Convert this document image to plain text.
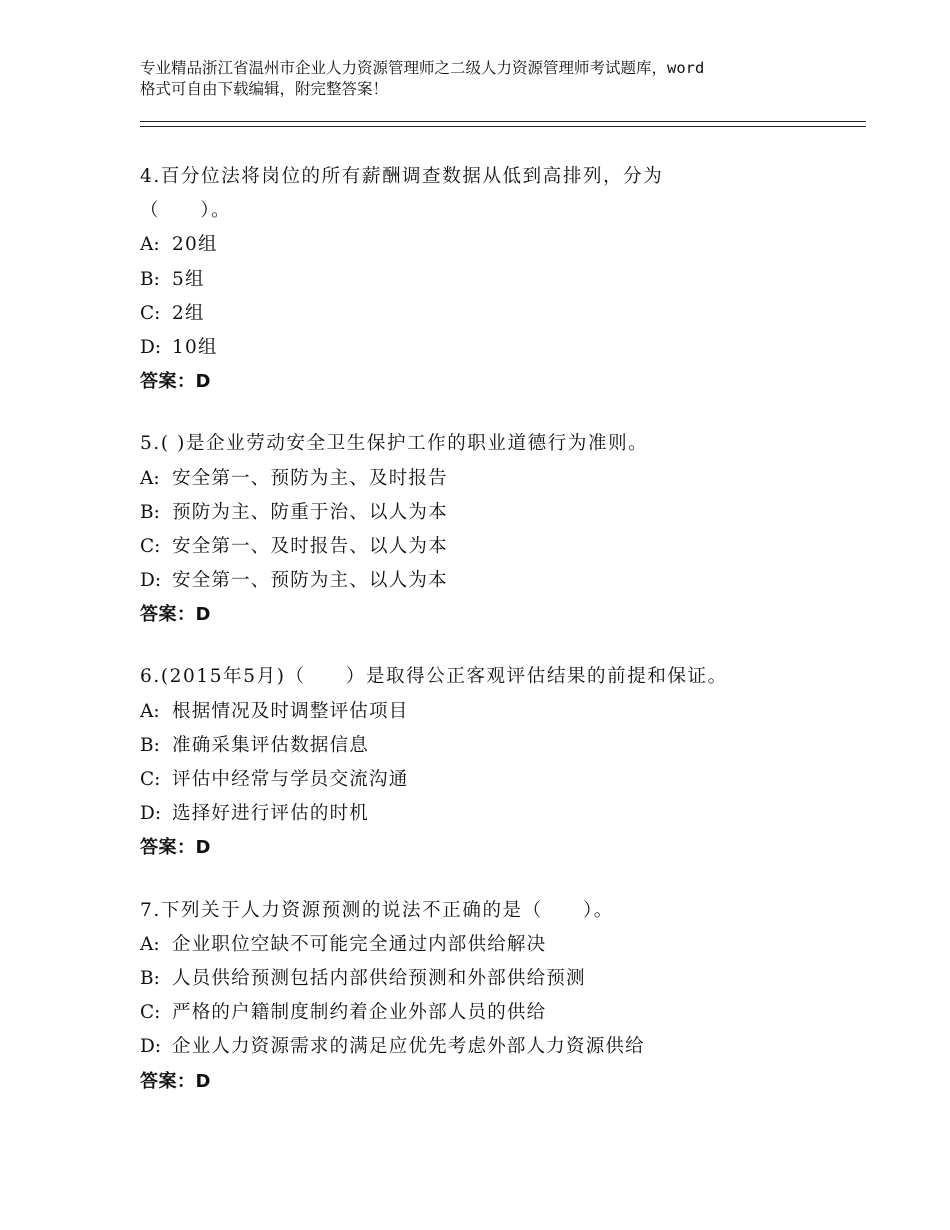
专业精品浙江省温州市企业人力资源管理师之二级人力资源管理师考试题库，word
格式可自由下载编辑，附完整答案！
4.百分位法将岗位的所有薪酬调查数据从低到高排列，分为
（　　）。
A: 20组
B: 5组
C: 2组
D: 10组
答案：D
5.( )是企业劳动安全卫生保护工作的职业道德行为准则。
A: 安全第一、预防为主、及时报告
B: 预防为主、防重于治、以人为本
C: 安全第一、及时报告、以人为本
D: 安全第一、预防为主、以人为本
答案：D
6.(2015年5月)（　　）是取得公正客观评估结果的前提和保证。
A: 根据情况及时调整评估项目
B: 准确采集评估数据信息
C: 评估中经常与学员交流沟通
D: 选择好进行评估的时机
答案：D
7.下列关于人力资源预测的说法不正确的是（　　）。
A: 企业职位空缺不可能完全通过内部供给解决
B: 人员供给预测包括内部供给预测和外部供给预测
C: 严格的户籍制度制约着企业外部人员的供给
D: 企业人力资源需求的满足应优先考虑外部人力资源供给
答案：D
